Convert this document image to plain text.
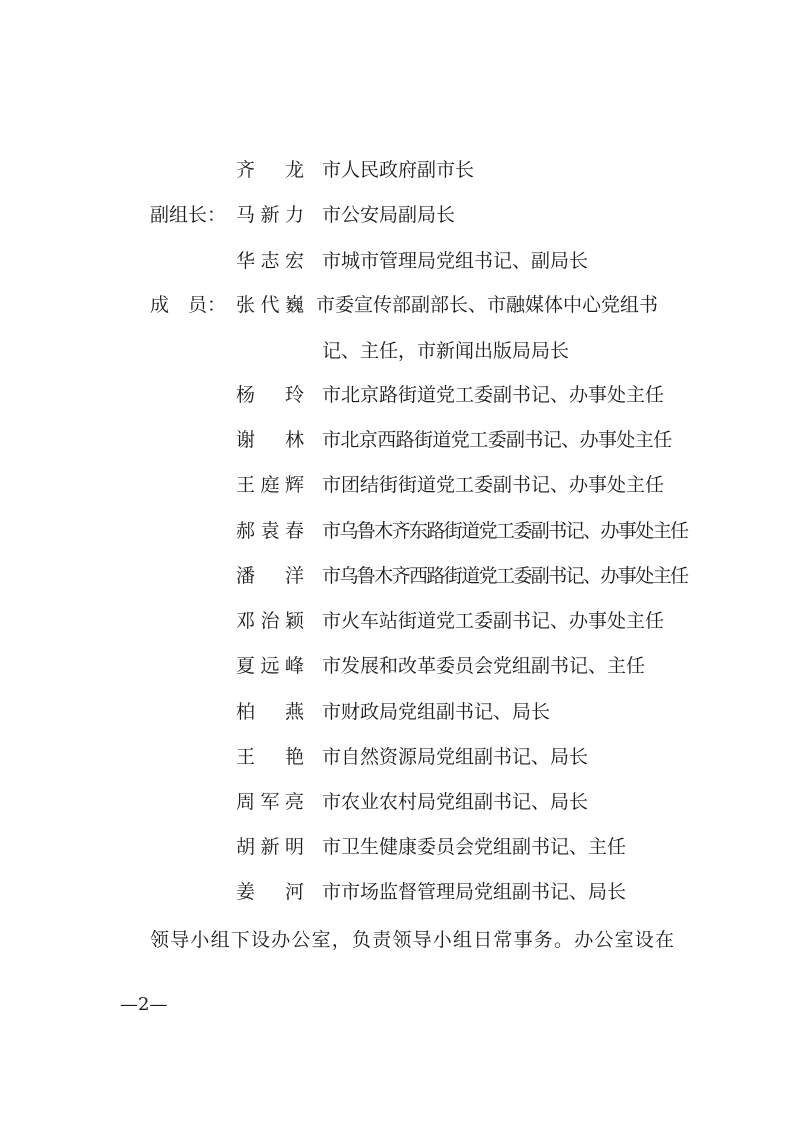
齐　龙 市人民政府副市长
副组长： 马新力 市公安局副局长
华志宏 市城市管理局党组书记、副局长
成　员： 张代巍 市委宣传部副部长、市融媒体中心党组书
记、主任，市新闻出版局局长
杨　玲 市北京路街道党工委副书记、办事处主任
谢　林 市北京西路街道党工委副书记、办事处主任
王庭辉 市团结街街道党工委副书记、办事处主任
郝袁春 市乌鲁木齐东路街道党工委副书记、办事处主任
潘　洋 市乌鲁木齐西路街道党工委副书记、办事处主任
邓治颖 市火车站街道党工委副书记、办事处主任
夏远峰 市发展和改革委员会党组副书记、主任
柏　燕 市财政局党组副书记、局长
王　艳 市自然资源局党组副书记、局长
周军亮 市农业农村局党组副书记、局长
胡新明 市卫生健康委员会党组副书记、主任
姜　河 市市场监督管理局党组副书记、局长
领导小组下设办公室，负责领导小组日常事务。办公室设在
—2—
